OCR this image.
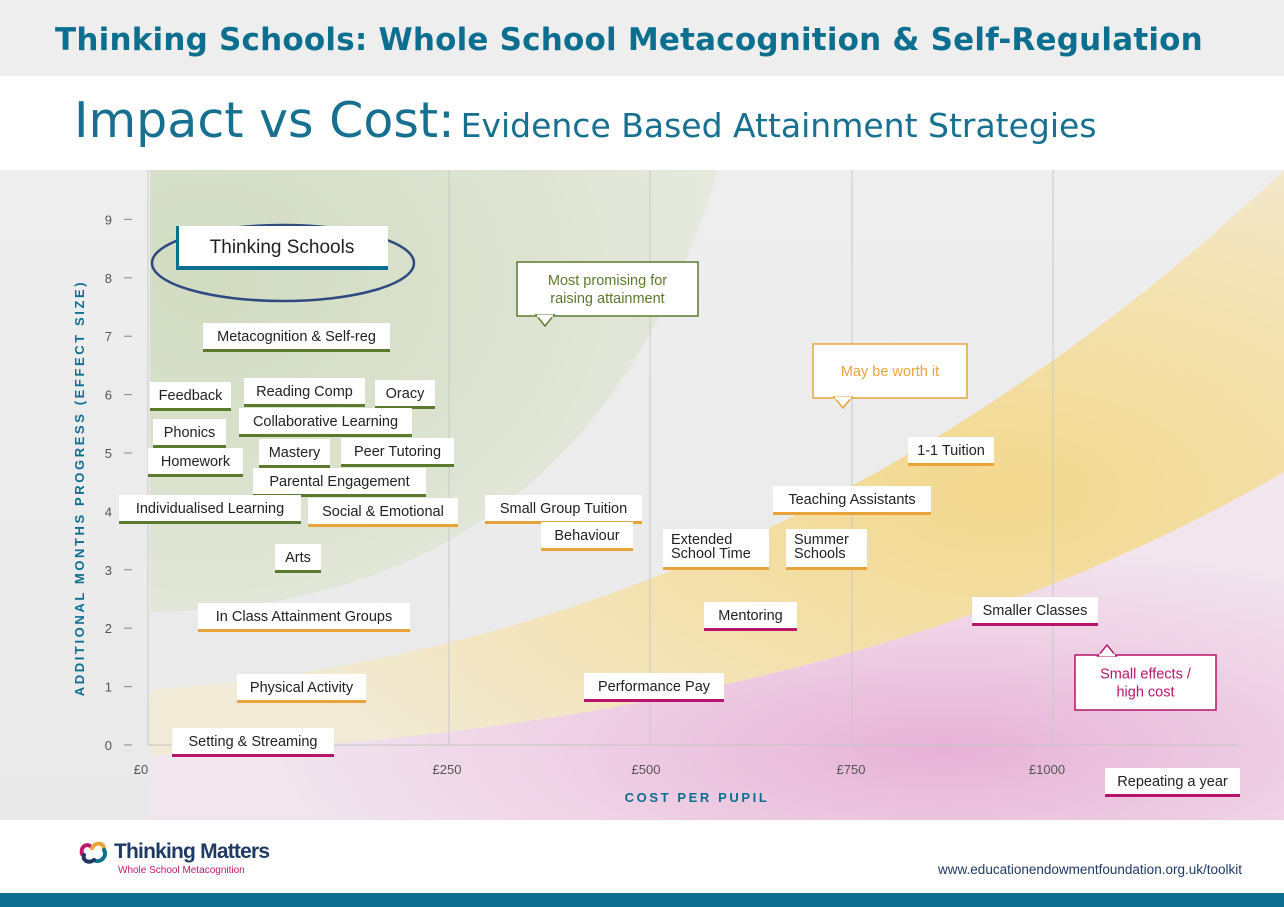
Thinking Schools: Whole School Metacognition & Self-Regulation
Impact vs Cost: Evidence Based Attainment Strategies
0
1
2
3
4
5
6
7
8
9
£0	£250	£500	£750	£1000
COST PER PUPIL
ADDITIONAL MONTHS PROGRESS (EFFECT SIZE)	Most promising for
raising attainment
May be worth it
Small effects /
high cost
Metacognition & Self-reg
Feedback Reading Comp Oracy
Collaborative Learning
Phonics
Homework
Mastery Peer Tutoring
Parental Engagement
Individualised Learning	Social & Emotional
Arts
In Class Attainment Groups
Physical Activity
Setting & Streaming
Small Group Tuition
Behaviour
Performance Pay
Extended
School Time
Mentoring
Summer
Schools
Teaching Assistants
1-1 Tuition
Smaller Classes
Repeating a year
Thinking Schools
Thinking Matters
Whole School Metacognition	www.educationendowmentfoundation.org.uk/toolkit
